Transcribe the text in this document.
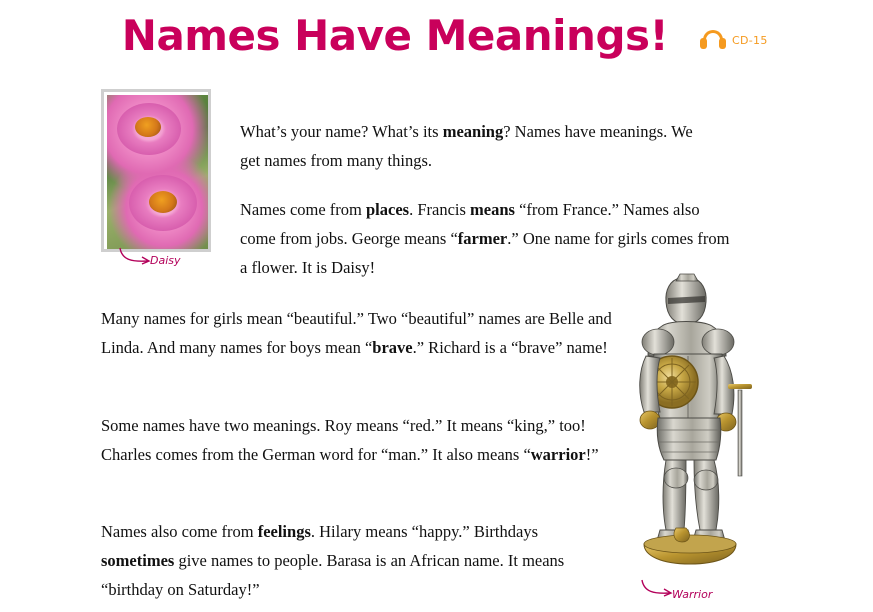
Names Have Meanings!	CD-15
Daisy
Warrior

What’s your name? What’s its meaning? Names have meanings. We get names from many things.

Names come from places. Francis means “from France.” Names also come from jobs. George means “farmer.” One name for girls comes from a flower. It is Daisy!

Many names for girls mean “beautiful.” Two “beautiful” names are Belle and Linda. And many names for boys mean “brave.” Richard is a “brave” name!

Some names have two meanings. Roy means “red.” It means “king,” too! Charles comes from the German word for “man.” It also means “warrior!”

Names also come from feelings. Hilary means “happy.” Birthdays sometimes give names to people. Barasa is an African name. It means “birthday on Saturday!”
